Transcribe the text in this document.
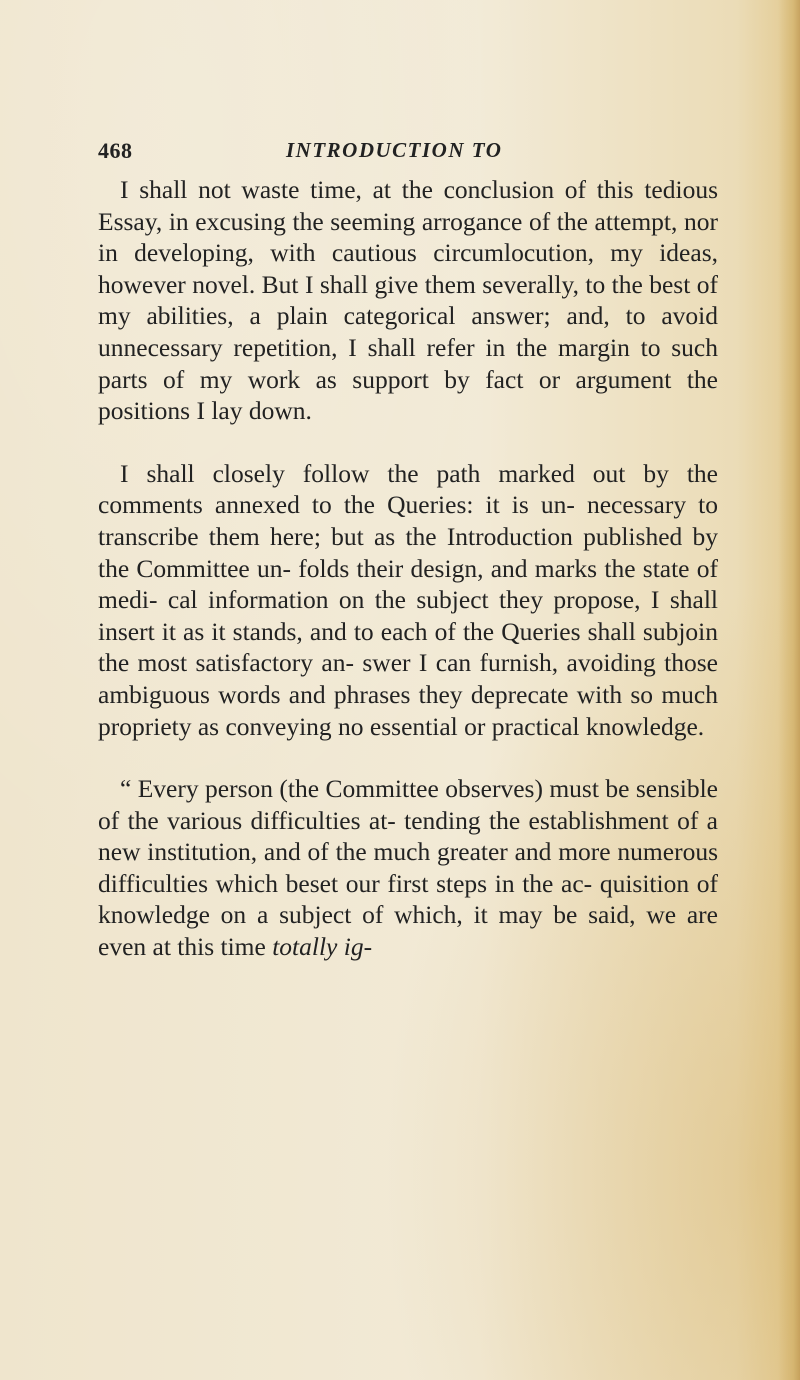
468	INTRODUCTION TO

I shall not waste time, at the conclusion of this tedious Essay, in excusing the seeming arrogance of the attempt, nor in developing, with cautious circumlocution, my ideas, however novel. But I shall give them severally, to the best of my abilities, a plain categorical answer; and, to avoid unnecessary repetition, I shall refer in the margin to such parts of my work as support by fact or argument the positions I lay down.

I shall closely follow the path marked out by the comments annexed to the Queries: it is un- necessary to transcribe them here; but as the Introduction published by the Committee un- folds their design, and marks the state of medi- cal information on the subject they propose, I shall insert it as it stands, and to each of the Queries shall subjoin the most satisfactory an- swer I can furnish, avoiding those ambiguous words and phrases they deprecate with so much propriety as conveying no essential or practical knowledge.

“ Every person (the Committee observes) must be sensible of the various difficulties at- tending the establishment of a new institution, and of the much greater and more numerous difficulties which beset our first steps in the ac- quisition of knowledge on a subject of which, it may be said, we are even at this time totally ig-
